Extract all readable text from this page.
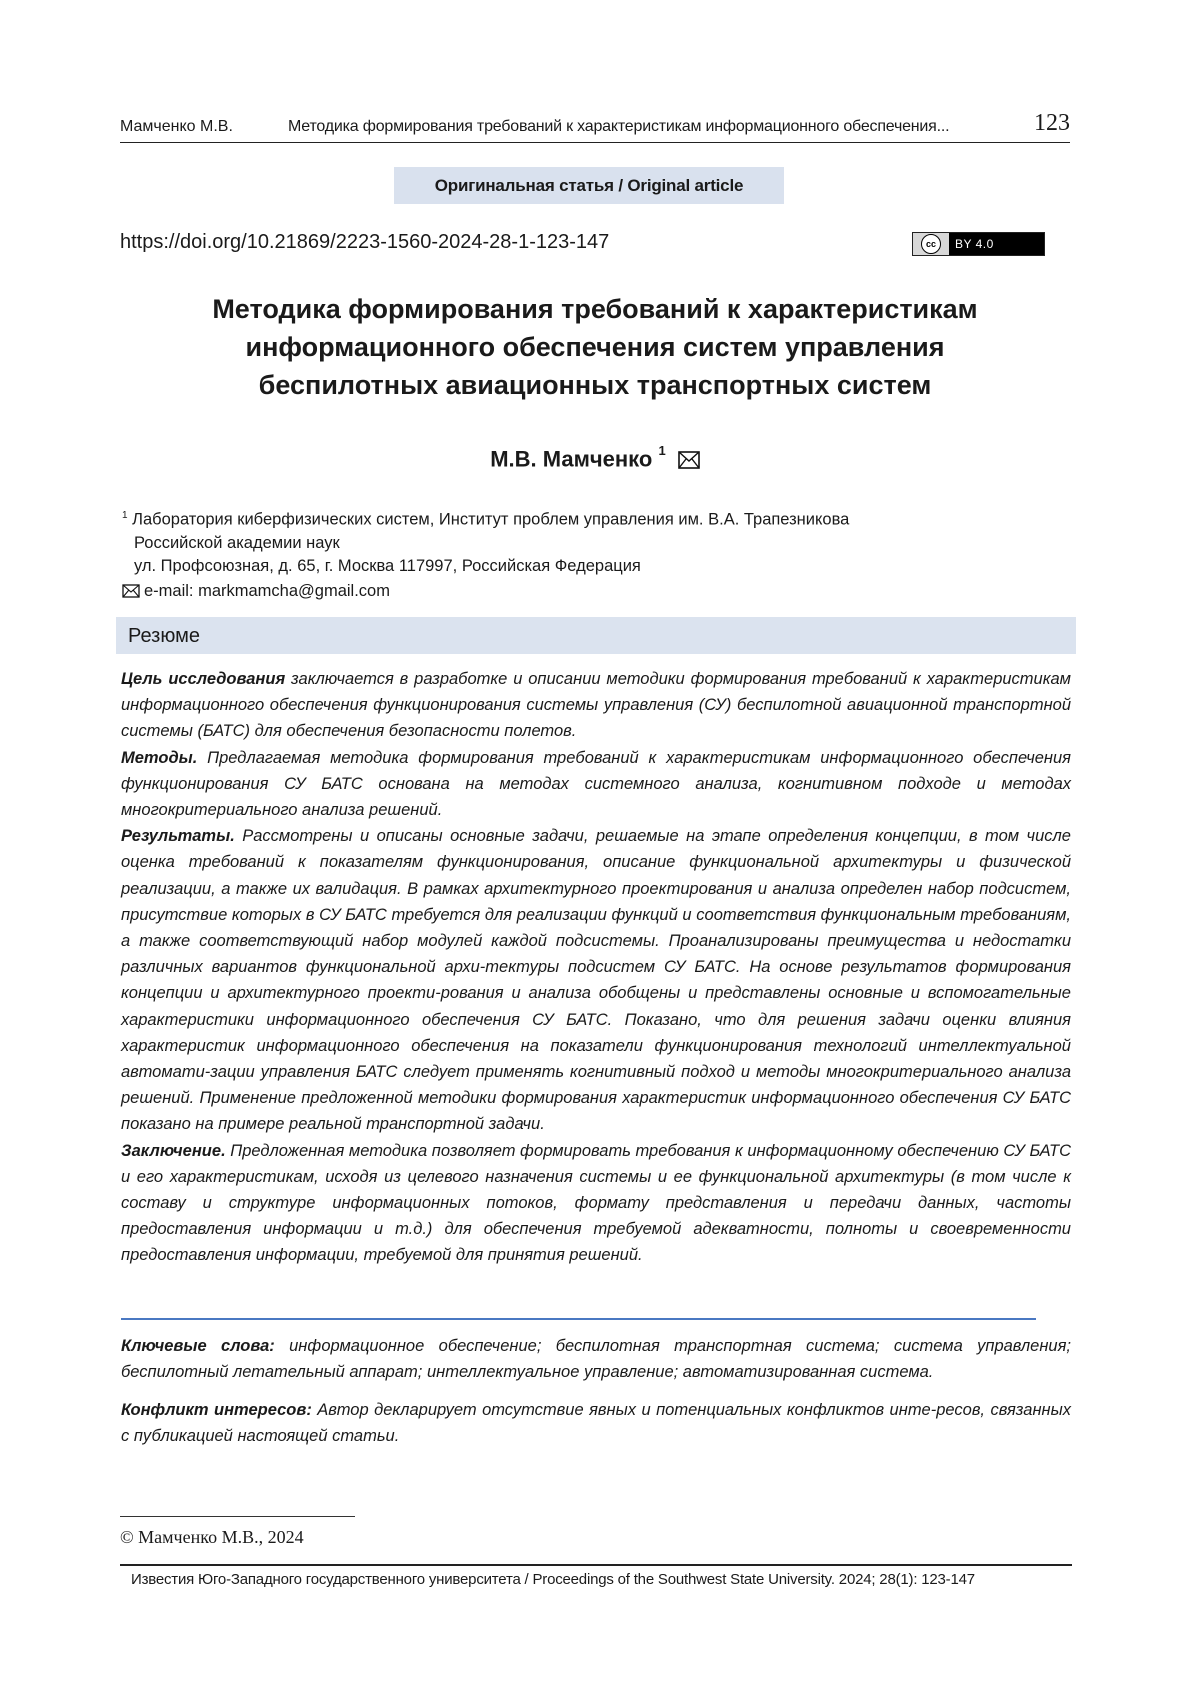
Мамченко М.В.	Методика формирования требований к характеристикам информационного обеспечения...	123
Оригинальная статья / Original article
https://doi.org/10.21869/2223-1560-2024-28-1-123-147	cc	BY 4.0
Методика формирования требований к характеристикам
информационного обеспечения систем управления
беспилотных авиационных транспортных систем
М.В. Мамченко $^1$
$^1$ Лаборатория киберфизических систем, Институт проблем управления им. В.А. Трапезникова
Российской академии наук
ул. Профсоюзная, д. 65, г. Москва 117997, Российская Федерация
e-mail: markmamcha@gmail.com
Резюме

Цель исследования заключается в разработке и описании методики формирования требований к характеристикам информационного обеспечения функционирования системы управления (СУ) беспилотной авиационной транспортной системы (БАТС) для обеспечения безопасности полетов.

Методы. Предлагаемая методика формирования требований к характеристикам информационного обеспечения функционирования СУ БАТС основана на методах системного анализа, когнитивном подходе и методах многокритериального анализа решений.

Результаты. Рассмотрены и описаны основные задачи, решаемые на этапе определения концепции, в том числе оценка требований к показателям функционирования, описание функциональной архитектуры и физической реализации, а также их валидация. В рамках архитектурного проектирования и анализа определен набор подсистем, присутствие которых в СУ БАТС требуется для реализации функций и соответствия функциональным требованиям, а также соответствующий набор модулей каждой подсистемы. Проанализированы преимущества и недостатки различных вариантов функциональной архи-тектуры подсистем СУ БАТС. На основе результатов формирования концепции и архитектурного проекти-рования и анализа обобщены и представлены основные и вспомогательные характеристики информационного обеспечения СУ БАТС. Показано, что для решения задачи оценки влияния характеристик информационного обеспечения на показатели функционирования технологий интеллектуальной автомати-зации управления БАТС следует применять когнитивный подход и методы многокритериального анализа решений. Применение предложенной методики формирования характеристик информационного обеспечения СУ БАТС показано на примере реальной транспортной задачи.

Заключение. Предложенная методика позволяет формировать требования к информационному обеспечению СУ БАТС и его характеристикам, исходя из целевого назначения системы и ее функциональной архитектуры (в том числе к составу и структуре информационных потоков, формату представления и передачи данных, частоты предоставления информации и т.д.) для обеспечения требуемой адекватности, полноты и своевременности предоставления информации, требуемой для принятия решений.

Ключевые слова: информационное обеспечение; беспилотная транспортная система; система управления; беспилотный летательный аппарат; интеллектуальное управление; автоматизированная система.
Конфликт интересов: Автор декларирует отсутствие явных и потенциальных конфликтов инте-ресов, связанных с публикацией настоящей статьи.
© Мамченко М.В., 2024
Известия Юго-Западного государственного университета / Proceedings of the Southwest State University. 2024; 28(1): 123-147
